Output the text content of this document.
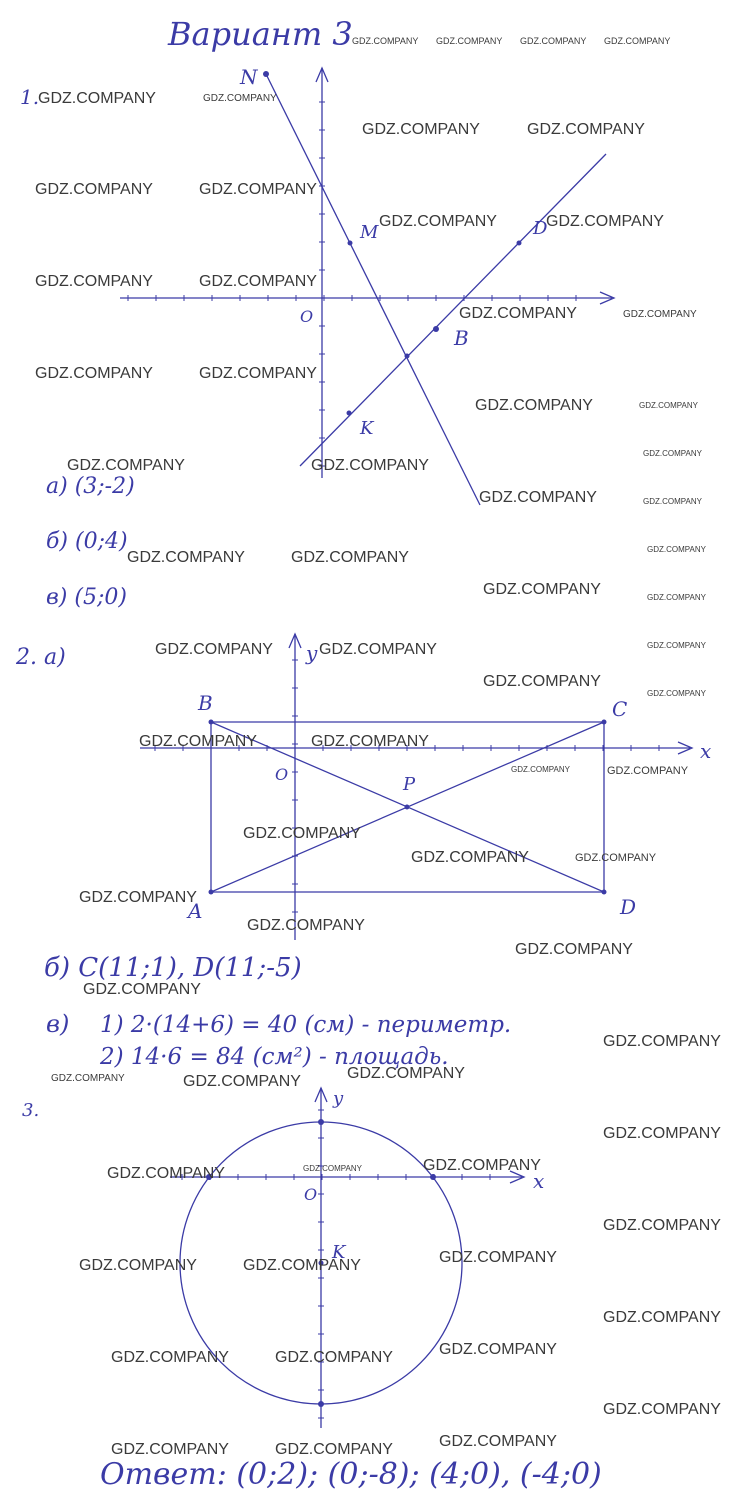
Вариант 3
1.
N
M	D
B
K
O
а) (3;-2)
б) (0;4)
в) (5;0)
2. а)
B	C
A	D
P
O
x
y
б) C(11;1), D(11;-5)
в) 1) 2·(14+6) = 40 (см) - периметр.
2) 14·6 = 84 (см²) - площадь.
3.
x
y
O
K
Ответ: (0;2); (0;-8); (4;0), (-4;0)
GDZ.COMPANY GDZ.COMPANY GDZ.COMPANY GDZ.COMPANY
GDZ.COMPANY	GDZ.COMPANY
GDZ.COMPANY	GDZ.COMPANY
GDZ.COMPANY	GDZ.COMPANY
GDZ.COMPANY	GDZ.COMPANY
GDZ.COMPANY	GDZ.COMPANY
GDZ.COMPANY	GDZ.COMPANY
GDZ.COMPANY	GDZ.COMPANY
GDZ.COMPANY	GDZ.COMPANY
GDZ.COMPANY
GDZ.COMPANY	GDZ.COMPANY
GDZ.COMPANY	GDZ.COMPANY
GDZ.COMPANY
GDZ.COMPANY	GDZ.COMPANY
GDZ.COMPANY	GDZ.COMPANY
GDZ.COMPANY
GDZ.COMPANY	GDZ.COMPANY
GDZ.COMPANY
GDZ.COMPANY
GDZ.COMPANY	GDZ.COMPANY
GDZ.COMPANY	GDZ.COMPANY
GDZ.COMPANY
GDZ.COMPANY	GDZ.COMPANY
GDZ.COMPANY
GDZ.COMPANY
GDZ.COMPANY
GDZ.COMPANY
GDZ.COMPANY
GDZ.COMPANY	GDZ.COMPANY	GDZ.COMPANY
GDZ.COMPANY
GDZ.COMPANY	GDZ.COMPANY	GDZ.COMPANY
GDZ.COMPANY
GDZ.COMPANY	GDZ.COMPANY	GDZ.COMPANY
GDZ.COMPANY
GDZ.COMPANY	GDZ.COMPANY	GDZ.COMPANY
GDZ.COMPANY
GDZ.COMPANY	GDZ.COMPANY	GDZ.COMPANY
